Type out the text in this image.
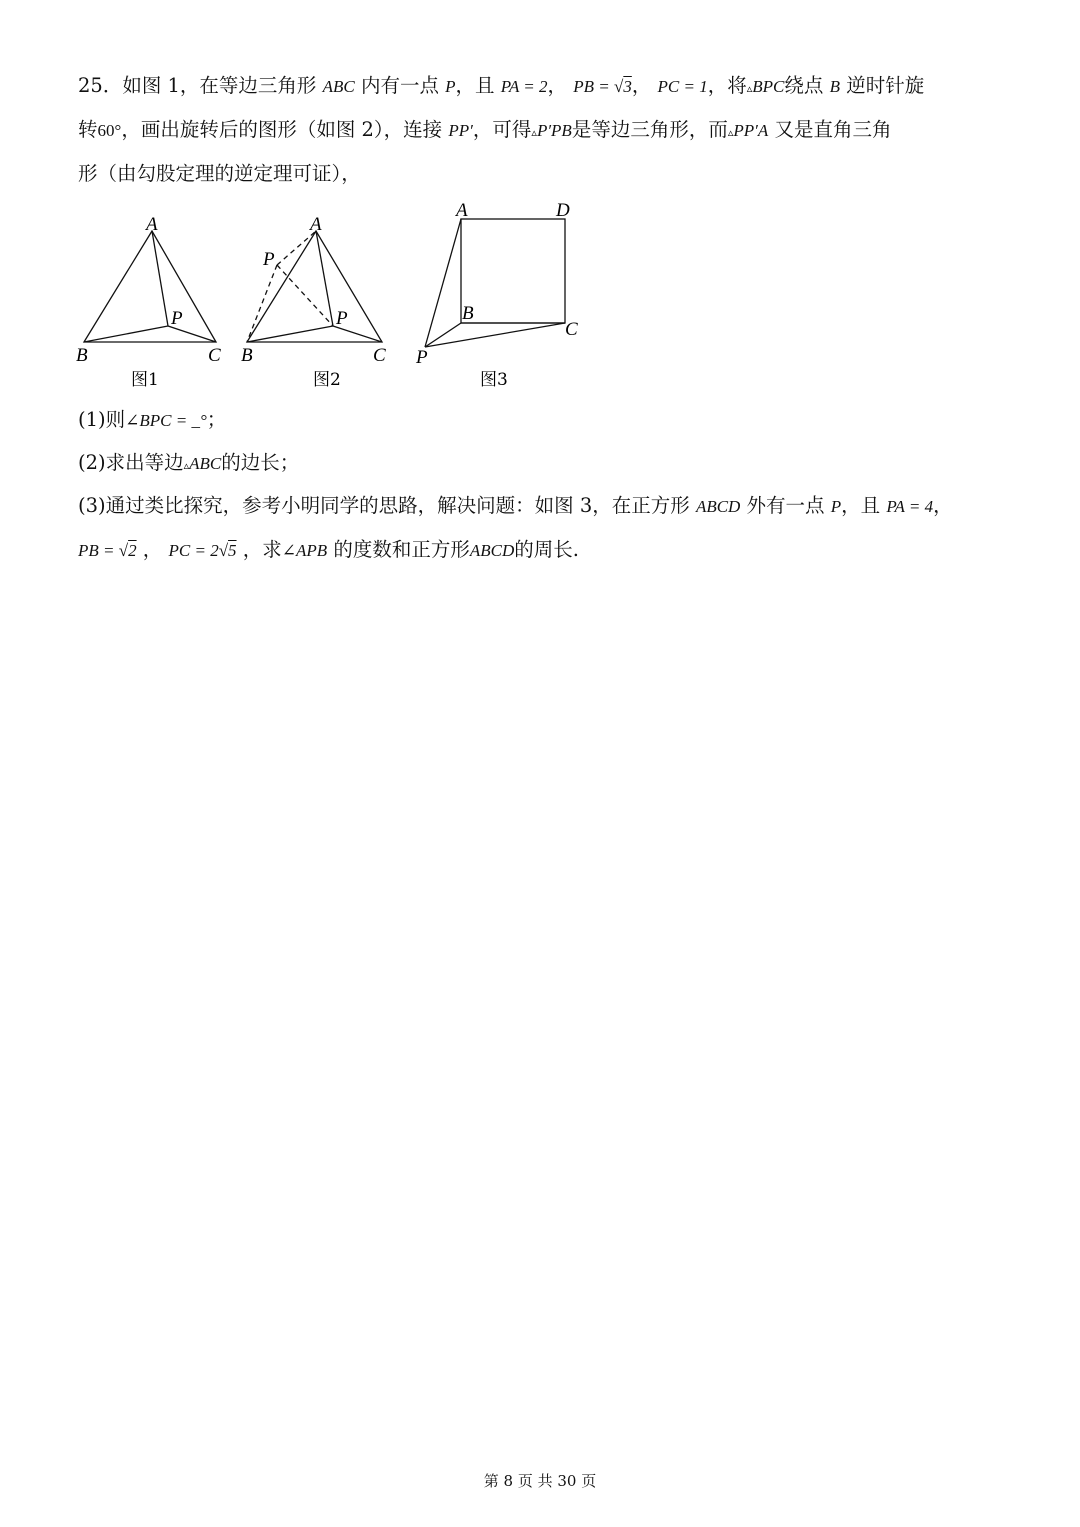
25．如图 1，在等边三角形 ABC 内有一点 P，且 PA = 2， PB = √3， PC = 1，将▵BPC绕点 B 逆时针旋
转60°，画出旋转后的图形（如图 2），连接 PP′，可得▵P′PB是等边三角形，而▵PP′A 又是直角三角
形（由勾股定理的逆定理可证），
A
B	C
P
图1
A
B	C
P
P
图2
A	D
B
C
P
图3
(1)则∠BPC = _°；
(2)求出等边▵ABC的边长；
(3)通过类比探究，参考小明同学的思路，解决问题：如图 3，在正方形 ABCD 外有一点 P，且 PA = 4，
PB = √2 ， PC = 2√5 ，求∠APB 的度数和正方形ABCD的周长.
第 8 页 共 30 页
